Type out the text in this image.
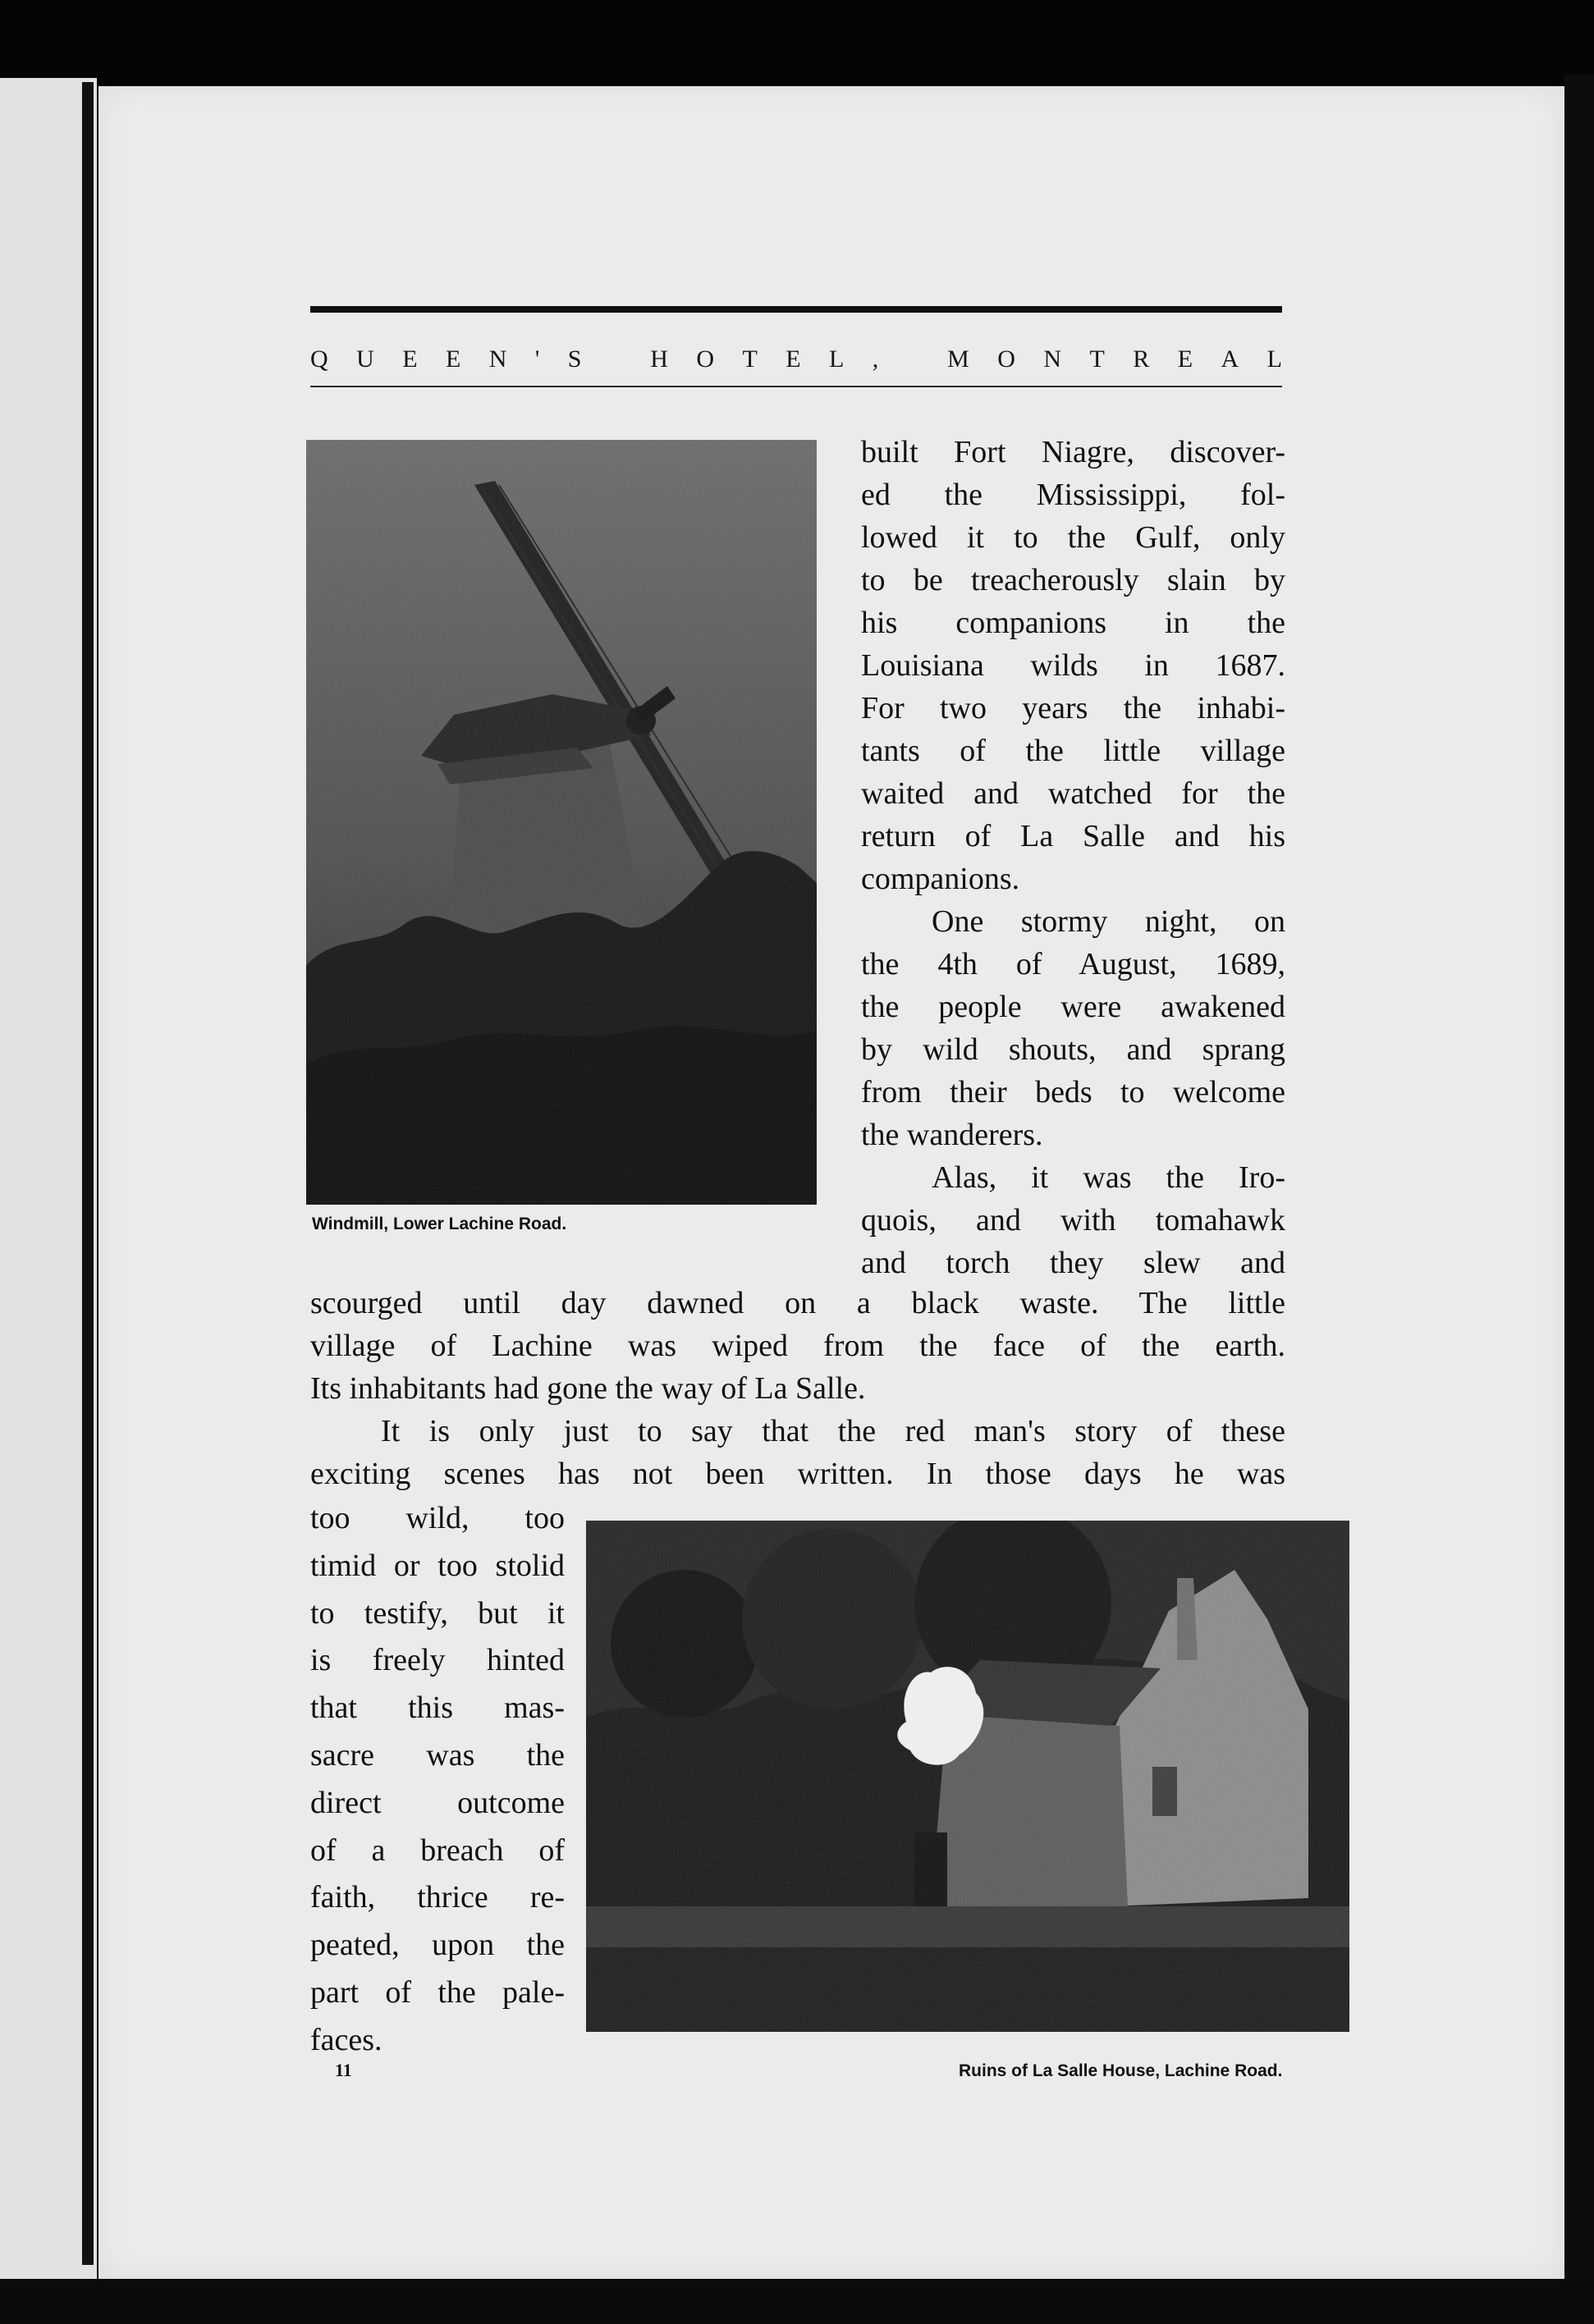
Q U E E N ' S
	H O T E L ,
	M O N T R E A L
Windmill, Lower Lachine Road.
built Fort Niagre, discover-
ed the Mississippi, fol-
lowed it to the Gulf, only
to be treacherously slain by
his companions in the
Louisiana wilds in 1687.
For two years the inhabi-
tants of the little village
waited and watched for the
return of La Salle and his
companions.
One stormy night, on
the 4th of August, 1689,
the people were awakened
by wild shouts, and sprang
from their beds to welcome
the wanderers.
Alas, it was the Iro-
quois, and with tomahawk
and torch they slew and
scourged until day dawned on a black waste. The little
village of Lachine was wiped from the face of the earth.
Its inhabitants had gone the way of La Salle.
It is only just to say that the red man's story of these
exciting scenes has not been written. In those days he was
too wild, too
timid or too stolid
to testify, but it
is freely hinted
that this mas-
sacre was the
direct outcome
of a breach of
faith, thrice re-
peated, upon the
part of the pale-
faces.
Ruins of La Salle House, Lachine Road.
11
